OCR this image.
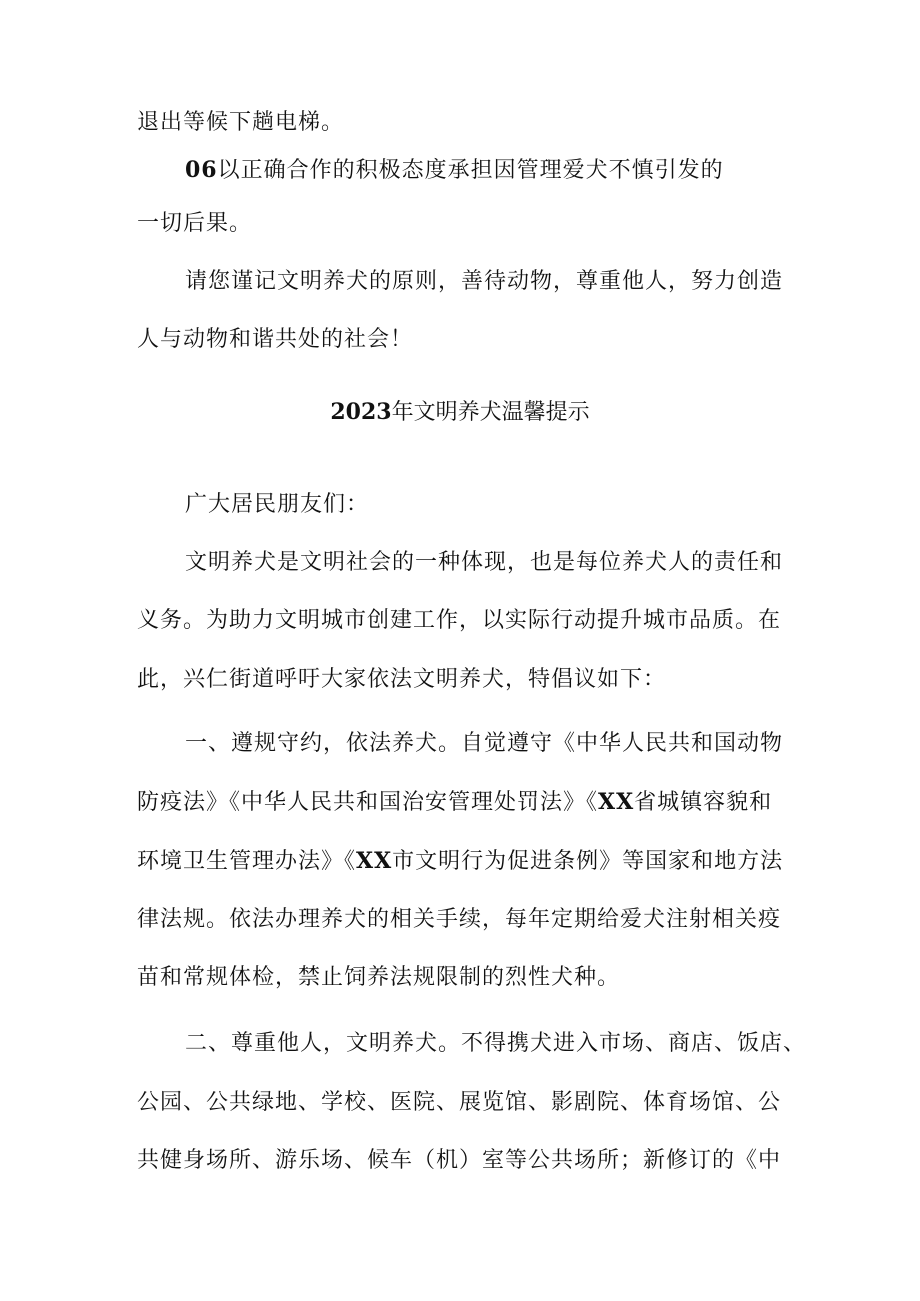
退出等候下趟电梯。
06以正确合作的积极态度承担因管理爱犬不慎引发的
一切后果。
请您谨记文明养犬的原则，善待动物，尊重他人，努力创造
人与动物和谐共处的社会！
2023年文明养犬温馨提示
广大居民朋友们：
文明养犬是文明社会的一种体现，也是每位养犬人的责任和
义务。为助力文明城市创建工作，以实际行动提升城市品质。在
此，兴仁街道呼吁大家依法文明养犬，特倡议如下：
一、遵规守约，依法养犬。自觉遵守《中华人民共和国动物
防疫法》《中华人民共和国治安管理处罚法》《XX省城镇容貌和
环境卫生管理办法》《XX市文明行为促进条例》等国家和地方法
律法规。依法办理养犬的相关手续，每年定期给爱犬注射相关疫
苗和常规体检，禁止饲养法规限制的烈性犬种。
二、尊重他人，文明养犬。不得携犬进入市场、商店、饭店、
公园、公共绿地、学校、医院、展览馆、影剧院、体育场馆、公
共健身场所、游乐场、候车（机）室等公共场所；新修订的《中
